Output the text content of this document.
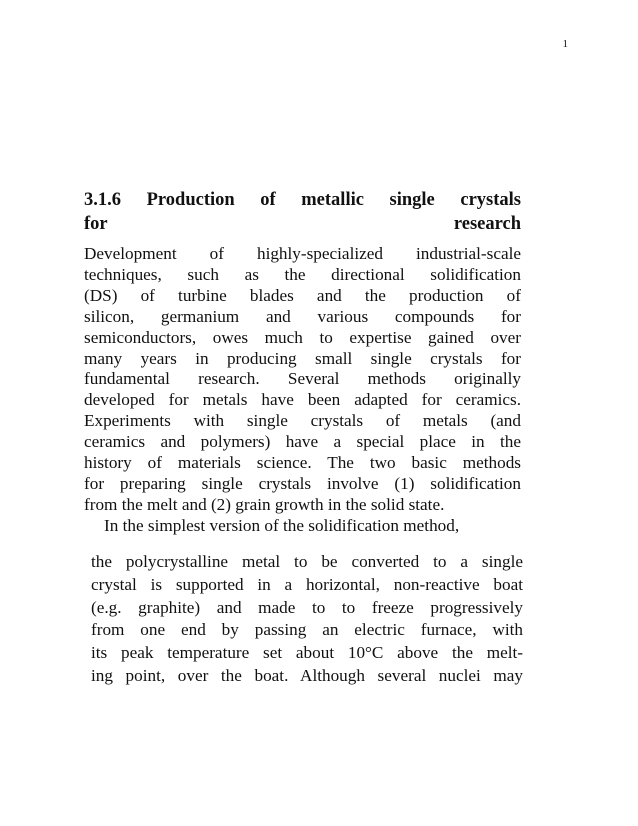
1
3.1.6 Production of metallic single crystals
for research
Development of highly-specialized industrial-scale
techniques, such as the directional solidification
(DS) of turbine blades and the production of
silicon, germanium and various compounds for
semiconductors, owes much to expertise gained over
many years in producing small single crystals for
fundamental research. Several methods originally
developed for metals have been adapted for ceramics.
Experiments with single crystals of metals (and
ceramics and polymers) have a special place in the
history of materials science. The two basic methods
for preparing single crystals involve (1) solidification
from the melt and (2) grain growth in the solid state.
In the simplest version of the solidification method,
the polycrystalline metal to be converted to a single
crystal is supported in a horizontal, non-reactive boat
(e.g. graphite) and made to to freeze progressively
from one end by passing an electric furnace, with
its peak temperature set about 10°C above the melt-
ing point, over the boat. Although several nuclei may
